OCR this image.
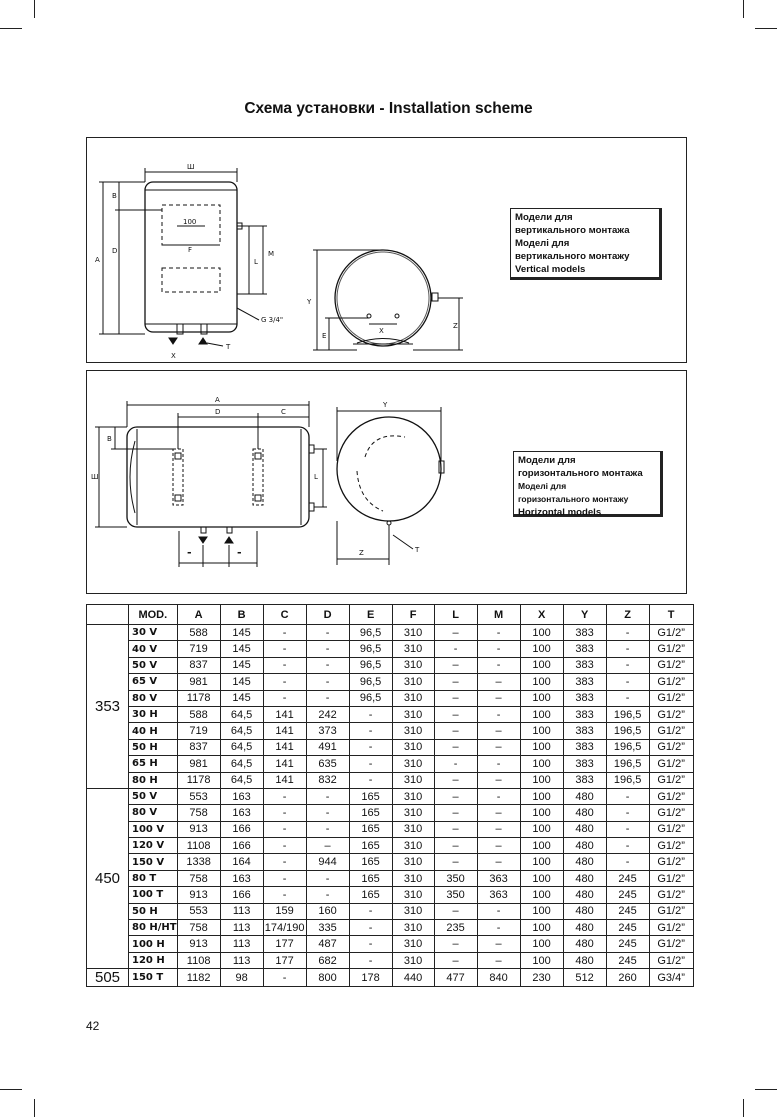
Схема установки - Installation scheme
Ш
A
B
D
100
F
L
M
G 3/4"
T
X
Y
E
X
Z
Модели для
вертикального монтажа
Моделі для
вертикального монтажу
Vertical models
A
D	C
B
Ш	L
-	-
Y
Z	T
Модели для
горизонтального монтажа
Моделі для
горизонтального монтажу
Horizontal models
	MOD.	A	B	C	D	E	F	L	M	X	Y	Z	T
353	30 V	588	145	-	-	96,5	310	–	-	100	383	-	G1/2”
	40 V	719	145	-	-	96,5	310	-	-	100	383	-	G1/2”
	50 V	837	145	-	-	96,5	310	–	-	100	383	-	G1/2”
	65 V	981	145	-	-	96,5	310	–	–	100	383	-	G1/2”
	80 V	1178	145	-	-	96,5	310	–	–	100	383	-	G1/2”
	30 H	588	64,5	141	242	-	310	–	-	100	383	196,5	G1/2”
	40 H	719	64,5	141	373	-	310	–	–	100	383	196,5	G1/2”
	50 H	837	64,5	141	491	-	310	–	–	100	383	196,5	G1/2”
	65 H	981	64,5	141	635	-	310	-	-	100	383	196,5	G1/2”
	80 H	1178	64,5	141	832	-	310	–	–	100	383	196,5	G1/2”
450	50 V	553	163	-	-	165	310	–	-	100	480	-	G1/2”
	80 V	758	163	-	-	165	310	–	–	100	480	-	G1/2”
	100 V	913	166	-	-	165	310	–	–	100	480	-	G1/2”
	120 V	1108	166	-	–	165	310	–	–	100	480	-	G1/2”
	150 V	1338	164	-	944	165	310	–	–	100	480	-	G1/2”
	80 T	758	163	-	-	165	310	350	363	100	480	245	G1/2”
	100 T	913	166	-	-	165	310	350	363	100	480	245	G1/2”
	50 H	553	113	159	160	-	310	–	-	100	480	245	G1/2”
	80 H/HT	758	113	174/190	335	-	310	235	-	100	480	245	G1/2”
	100 H	913	113	177	487	-	310	–	–	100	480	245	G1/2”
	120 H	1108	113	177	682	-	310	–	–	100	480	245	G1/2”
505	150 T	1182	98	-	800	178	440	477	840	230	512	260	G3/4”
42
